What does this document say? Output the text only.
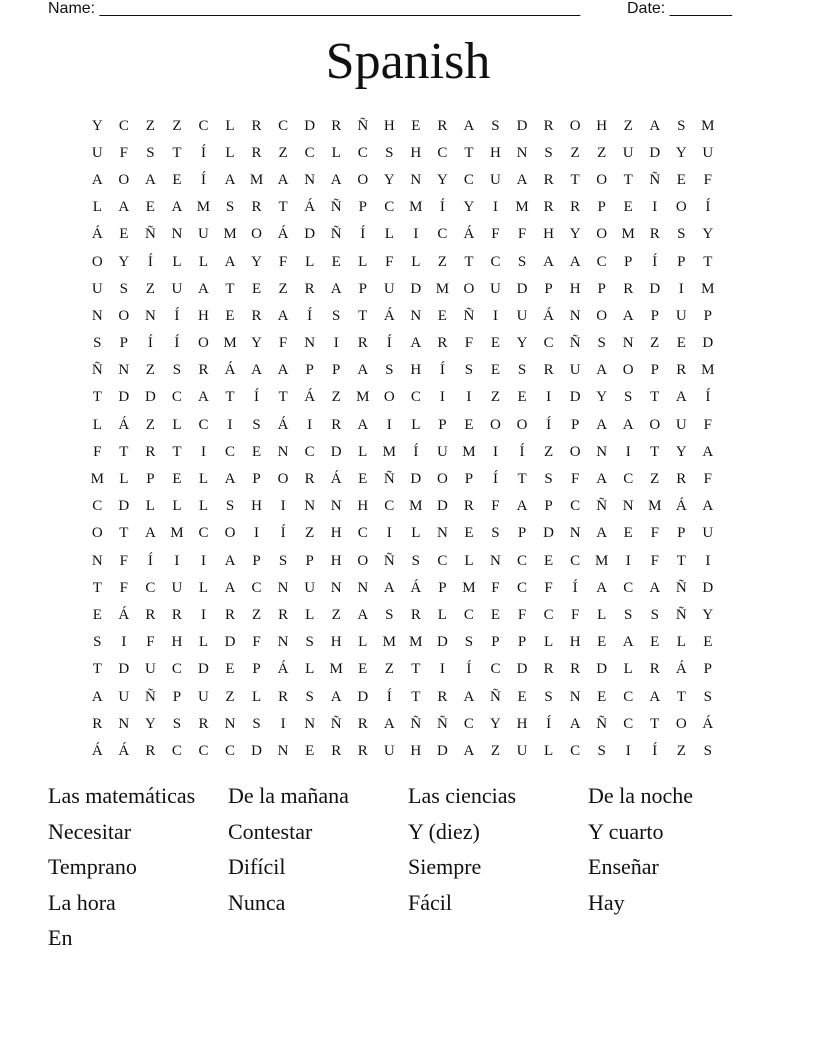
Name: ______________________________________________________	Date: _______
Spanish
Y	C	Z	Z	C	L	R	C	D	R	Ñ	H	E	R	A	S	D	R	O	H	Z	A	S	M
U	F	S	T	Í	L	R	Z	C	L	C	S	H	C	T	H	N	S	Z	Z	U	D	Y	U
A	O	A	E	Í	A M A	N	A	O	Y	N	Y	C	U	A	R	T	O	T	Ñ	E	F
L	A	E	A M	S	R	T	Á	Ñ	P	C M	Í	Y	I	M R	R	P	E	I	O	Í
Á	E	Ñ	N	U M O	Á	D	Ñ	Í	L	I	C	Á	F	F	H	Y	O M R	S	Y
O	Y	Í	L	L	A	Y	F	L	E	L	F	L	Z	T	C	S	A	A	C	P	Í	P	T
U	S	Z	U	A	T	E	Z	R	A	P	U	D M O	U	D	P	H	P	R	D	I	M
N	O	N	Í	H	E	R	A	Í	S	T	Á	N	E	Ñ	I	U	Á	N	O	A	P	U	P
S	P	Í	Í	O M Y	F	N	I	R	Í	A	R	F	E	Y	C	Ñ	S	N	Z	E	D
Ñ	N	Z	S	R	Á	A	A	P	P	A	S	H	Í	S	E	S	R	U	A	O	P	R M
T	D	D	C	A	T	Í	T	Á	Z	M O	C	I	I	Z	E	I	D	Y	S	T	A	Í
L	Á	Z	L	C	I	S	Á	I	R	A	I	L	P	E	O	O	Í	P	A	A	O	U	F
F	T	R	T	I	C	E	N	C	D	L	M	Í	U M	I	Í	Z	O	N	I	T	Y	A
M	L	P	E	L	A	P	O	R	Á	E	Ñ	D	O	P	Í	T	S	F	A	C	Z	R	F
C	D	L	L	L	S	H	I	N	N	H	C M D	R	F	A	P	C	Ñ	N M Á	A
O	T	A M C	O	I	Í	Z	H	C	I	L	N	E	S	P	D	N	A	E	F	P	U
N	F	Í	I	I	A	P	S	P	H	O	Ñ	S	C	L	N	C	E	C M	I	F	T	I
T	F	C	U	L	A	C	N	U	N	N	A	Á	P	M	F	C	F	Í	A	C	A	Ñ	D
E	Á	R	R	I	R	Z	R	L	Z	A	S	R	L	C	E	F	C	F	L	S	S	Ñ	Y
S	I	F	H	L	D	F	N	S	H	L	M M D	S	P	P	L	H	E	A	E	L	E
T	D	U	C	D	E	P	Á	L	M	E	Z	T	I	Í	C	D	R	R	D	L	R	Á	P
A	U	Ñ	P	U	Z	L	R	S	A	D	Í	T	R	A	Ñ	E	S	N	E	C	A	T	S
R	N	Y	S	R	N	S	I	N	Ñ	R	A	Ñ	Ñ	C	Y	H	Í	A	Ñ	C	T	O	Á
Á	Á	R	C	C	C	D	N	E	R	R	U	H	D	A	Z	U	L	C	S	I	Í	Z	S
Las matemáticas	De la mañana	Las ciencias	De la noche
Necesitar	Contestar	Y (diez)	Y cuarto
Temprano	Difícil	Siempre	Enseñar
La hora	Nunca	Fácil	Hay
En
